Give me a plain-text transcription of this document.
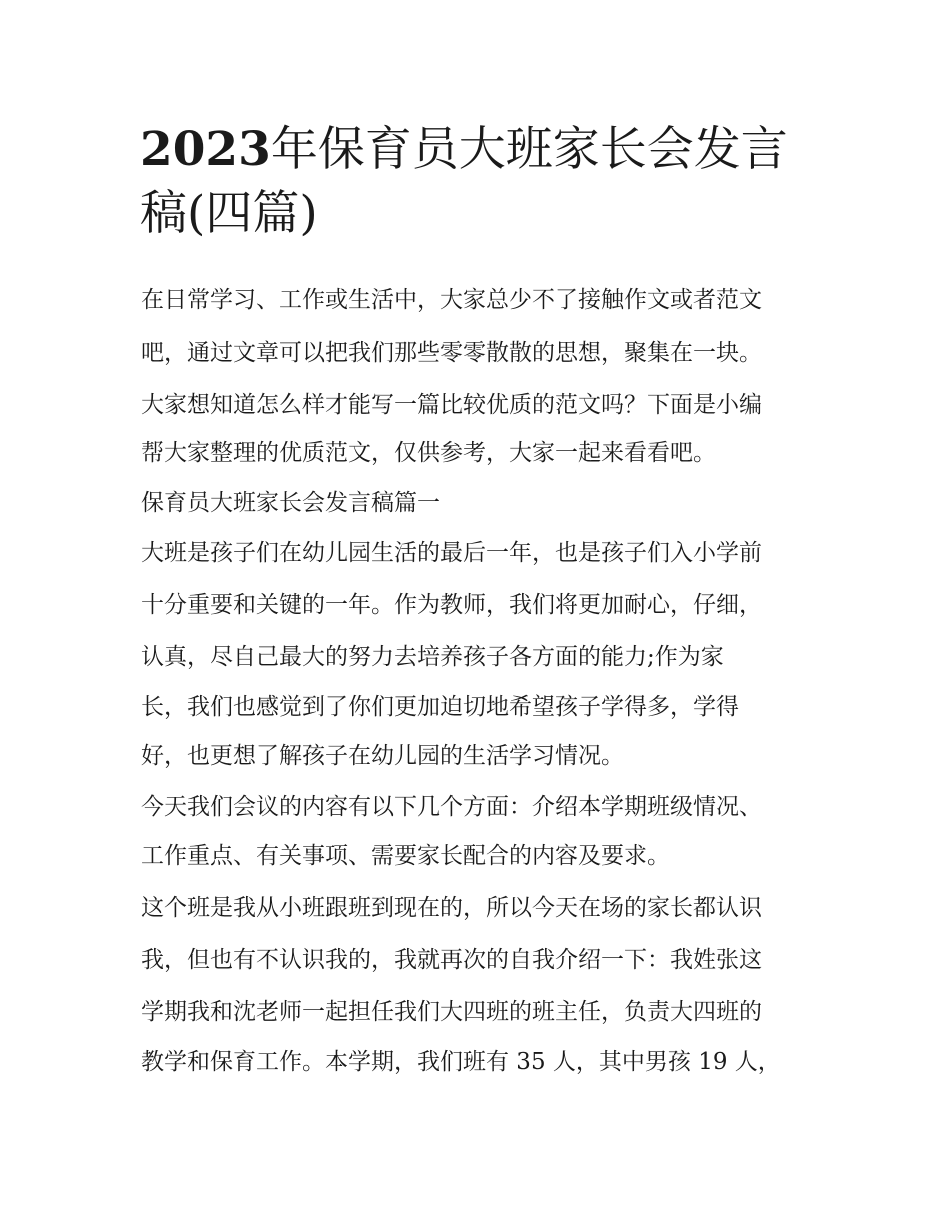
2023年保育员大班家长会发言
稿(四篇)

在日常学习、工作或生活中，大家总少不了接触作文或者范文

吧，通过文章可以把我们那些零零散散的思想，聚集在一块。

大家想知道怎么样才能写一篇比较优质的范文吗？下面是小编

帮大家整理的优质范文，仅供参考，大家一起来看看吧。

保育员大班家长会发言稿篇一

大班是孩子们在幼儿园生活的最后一年，也是孩子们入小学前

十分重要和关键的一年。作为教师，我们将更加耐心，仔细，

认真，尽自己最大的努力去培养孩子各方面的能力;作为家

长，我们也感觉到了你们更加迫切地希望孩子学得多，学得

好，也更想了解孩子在幼儿园的生活学习情况。

今天我们会议的内容有以下几个方面：介绍本学期班级情况、

工作重点、有关事项、需要家长配合的内容及要求。

这个班是我从小班跟班到现在的，所以今天在场的家长都认识

我，但也有不认识我的，我就再次的自我介绍一下：我姓张这

学期我和沈老师一起担任我们大四班的班主任，负责大四班的

教学和保育工作。本学期，我们班有 35 人，其中男孩 19 人，
